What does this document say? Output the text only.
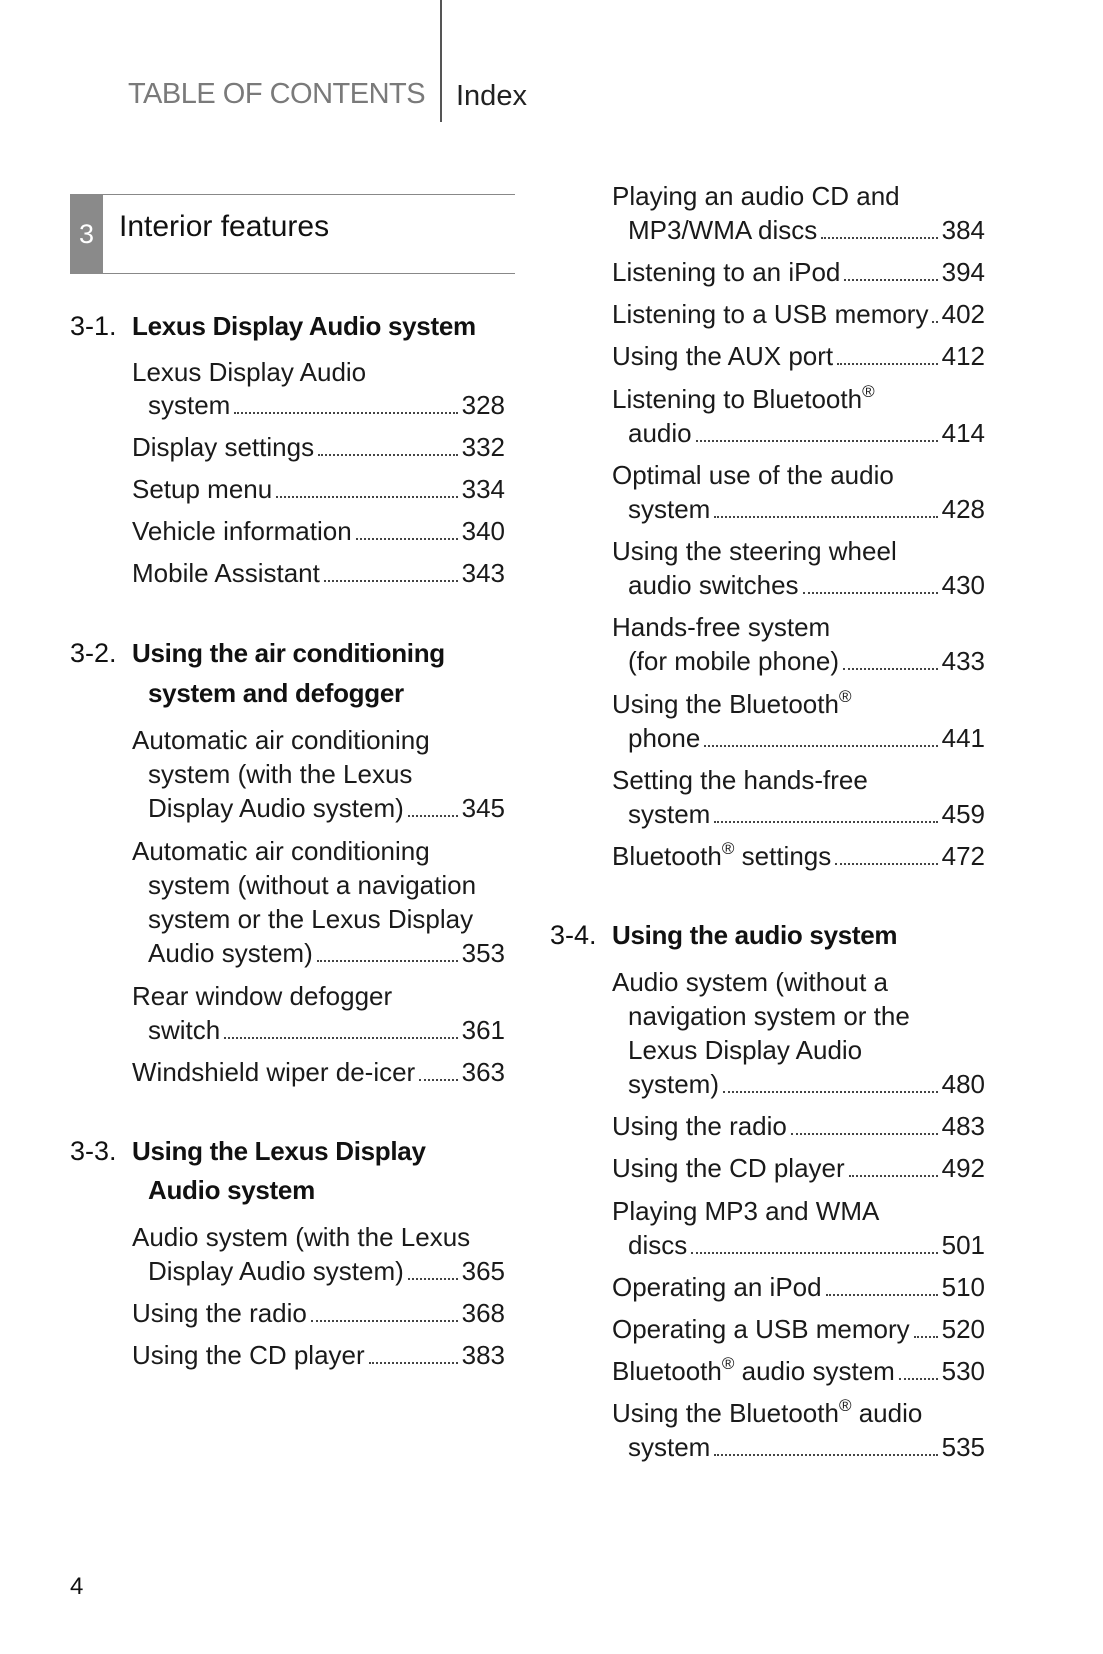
TABLE OF CONTENTS Index
3 Interior features
3-1. Lexus Display Audio system
Lexus Display Audio
system	328
Display settings	332
Setup menu	334
Vehicle information	340
Mobile Assistant	343
3-2. Using the air conditioning
system and defogger
Automatic air conditioning
system (with the Lexus
Display Audio system) 345
Automatic air conditioning
system (without a navigation
system or the Lexus Display
Audio system)	353
Rear window defogger
switch	361
Windshield wiper de-icer 363
3-3. Using the Lexus Display
Audio system
Audio system (with the Lexus
Display Audio system) 365
Using the radio	368
Using the CD player	383
Playing an audio CD and
MP3/WMA discs	384
Listening to an iPod	394
Listening to a USB memory 402
Using the AUX port	412
Listening to Bluetooth®
audio	414
Optimal use of the audio
system	428
Using the steering wheel
audio switches	430
Hands-free system
(for mobile phone)	433
Using the Bluetooth®
phone	441
Setting the hands-free
system	459
Bluetooth® settings	472
3-4. Using the audio system
Audio system (without a
navigation system or the
Lexus Display Audio
system)	480
Using the radio	483
Using the CD player	492
Playing MP3 and WMA
discs	501
Operating an iPod	510
Operating a USB memory 520
Bluetooth® audio system 530
Using the Bluetooth® audio
system	535
4
